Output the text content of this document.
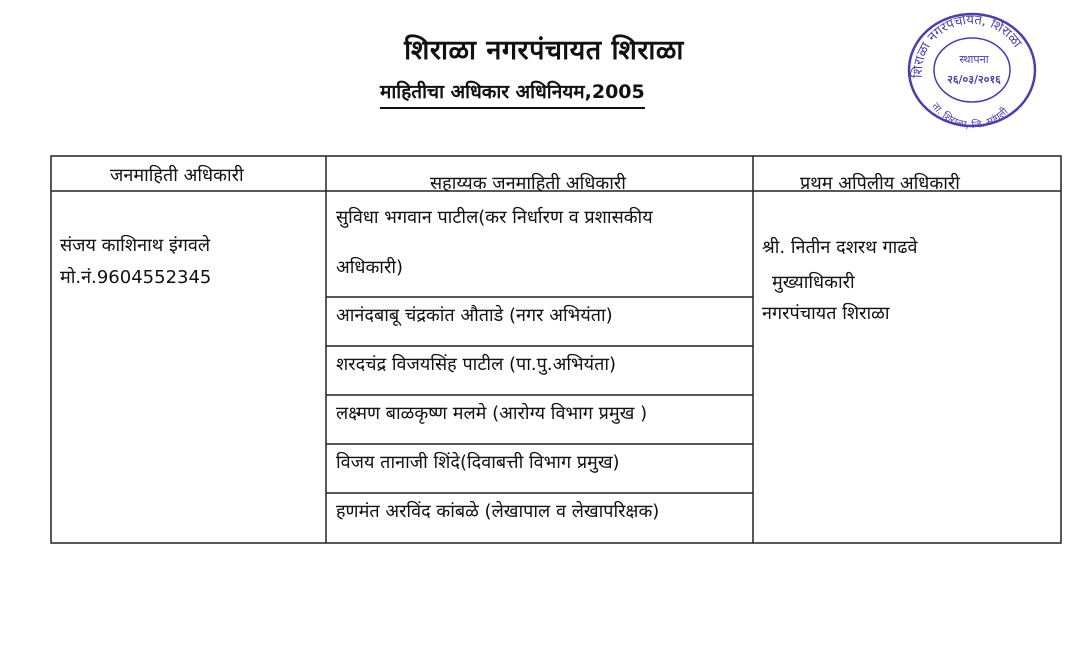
शिराळा नगरपंचायत शिराळा
माहितीचा अधिकार अधिनियम,2005
शिराळा नगरपंचायत, शिराळा
ता. शिराळा, जि. सांगली
स्थापना
२६/०३/२०१६
जनमाहिती अधिकारी	सहाय्यक जनमाहिती अधिकारी	प्रथम अपिलीय अधिकारी
संजय काशिनाथ इंगवले
मो.नं.9604552345
सुविधा भगवान पाटील(कर निर्धारण व प्रशासकीय
अधिकारी)
आनंदबाबू चंद्रकांत औताडे (नगर अभियंता)
शरदचंद्र विजयसिंह पाटील (पा.पु.अभियंता)
लक्ष्मण बाळकृष्ण मलमे (आरोग्य विभाग प्रमुख )
विजय तानाजी शिंदे(दिवाबत्ती विभाग प्रमुख)
हणमंत अरविंद कांबळे (लेखापाल व लेखापरिक्षक)
श्री. नितीन दशरथ गाढवे
मुख्याधिकारी
नगरपंचायत शिराळा
